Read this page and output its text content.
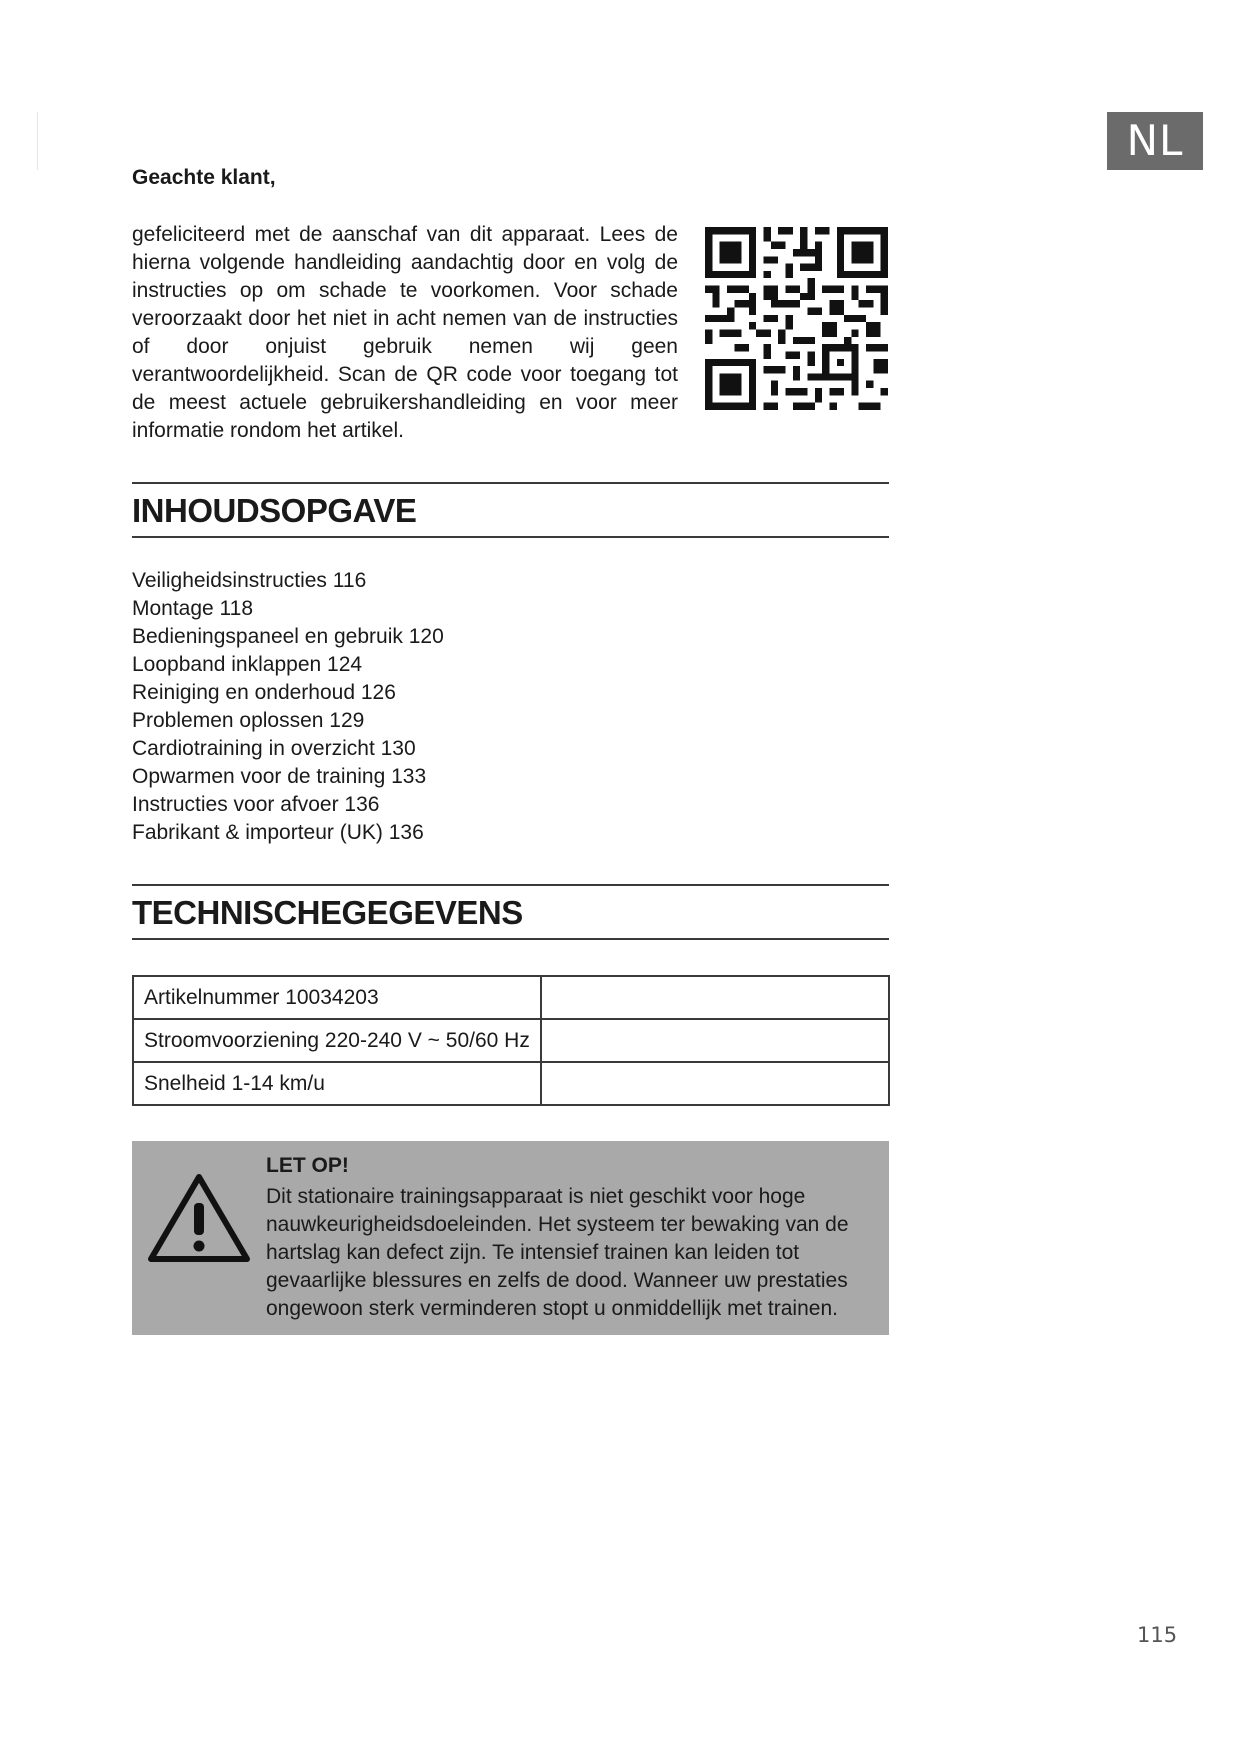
NL
Geachte klant,
gefeliciteerd met de aanschaf van dit apparaat. Lees de hierna volgende handleiding aandachtig door en volg de instructies op om schade te voorkomen. Voor schade veroorzaakt door het niet in acht nemen van de instructies of door onjuist gebruik nemen wij geen verantwoordelijkheid. Scan de QR code voor toegang tot de meest actuele gebruikershandleiding en voor meer informatie rondom het artikel.
INHOUDSOPGAVE
Veiligheidsinstructies 116
Montage 118
Bedieningspaneel en gebruik 120
Loopband inklappen 124
Reiniging en onderhoud 126
Problemen oplossen 129
Cardiotraining in overzicht 130
Opwarmen voor de training 133
Instructies voor afvoer 136
Fabrikant & importeur (UK) 136
TECHNISCHEGEGEVENS
Artikelnummer 10034203	
Stroomvoorziening 220-240 V ~ 50/60 Hz	
Snelheid 1-14 km/u	
LET OP!
Dit stationaire trainingsapparaat is niet geschikt voor hoge nauwkeurigheidsdoeleinden. Het systeem ter bewaking van de hartslag kan defect zijn. Te intensief trainen kan leiden tot gevaarlijke blessures en zelfs de dood. Wanneer uw prestaties ongewoon sterk verminderen stopt u onmiddellijk met trainen.
115
